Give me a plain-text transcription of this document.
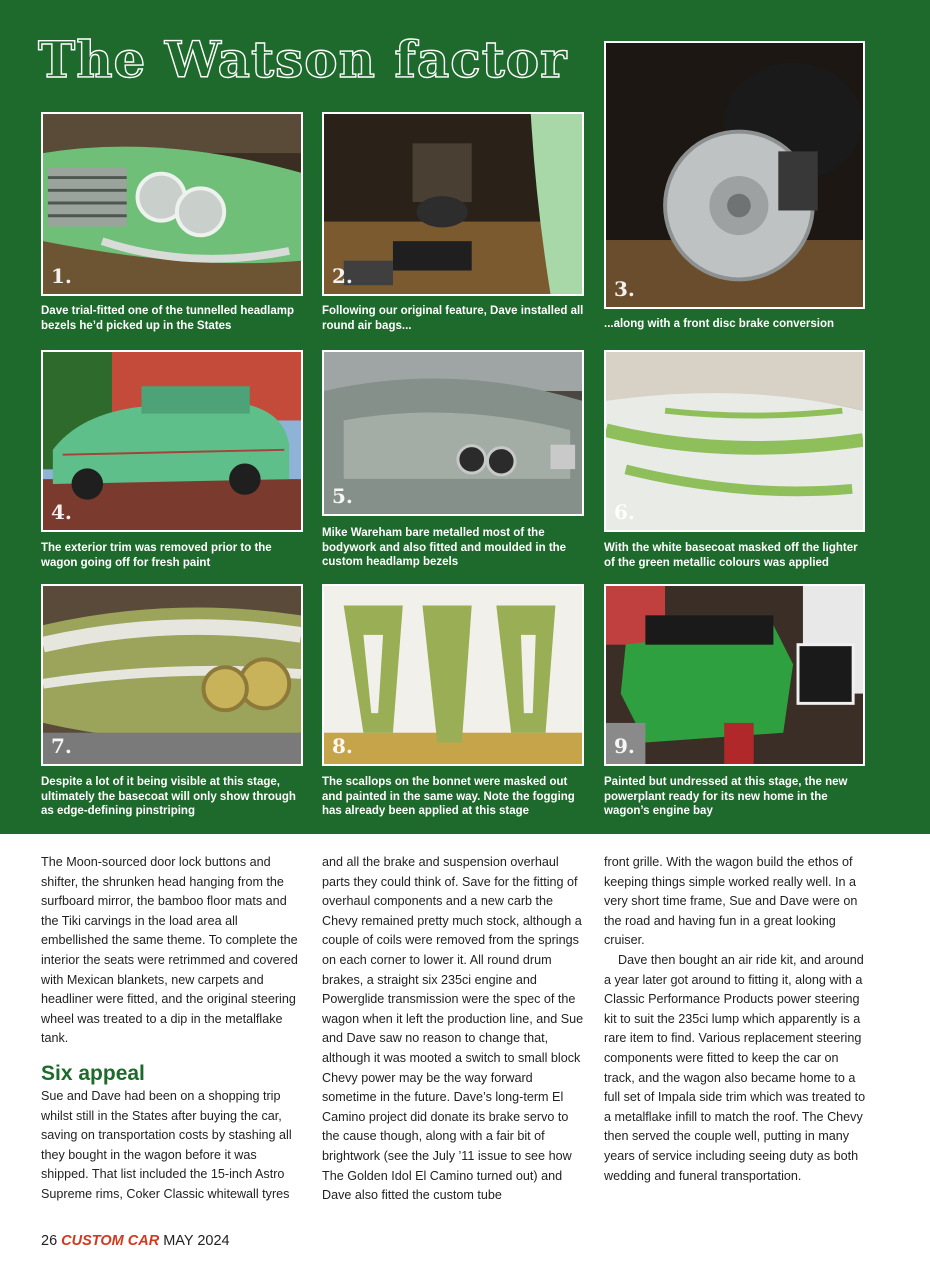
The Watson factor
1.
Dave trial-fitted one of the tunnelled headlamp bezels he’d picked up in the States
2.
Following our original feature, Dave installed all round air bags...
3.
...along with a front disc brake conversion
4.
The exterior trim was removed prior to the wagon going off for fresh paint
5.
Mike Wareham bare metalled most of the bodywork and also fitted and moulded in the custom headlamp bezels
6.
With the white basecoat masked off the lighter of the green metallic colours was applied
7.
Despite a lot of it being visible at this stage, ultimately the basecoat will only show through as edge-defining pinstriping
8.
The scallops on the bonnet were masked out and painted in the same way. Note the fogging has already been applied at this stage
9.
Painted but undressed at this stage, the new powerplant ready for its new home in the wagon’s engine bay

The Moon-sourced door lock buttons and shifter, the shrunken head hanging from the surfboard mirror, the bamboo floor mats and the Tiki carvings in the load area all embellished the same theme. To complete the interior the seats were retrimmed and covered with Mexican blankets, new carpets and headliner were fitted, and the original steering wheel was treated to a dip in the metalflake tank.

Six appeal

Sue and Dave had been on a shopping trip whilst still in the States after buying the car, saving on transportation costs by stashing all they bought in the wagon before it was shipped. That list included the 15-inch Astro Supreme rims, Coker Classic whitewall tyres

and all the brake and suspension overhaul parts they could think of. Save for the fitting of overhaul components and a new carb the Chevy remained pretty much stock, although a couple of coils were removed from the springs on each corner to lower it. All round drum brakes, a straight six 235ci engine and Powerglide transmission were the spec of the wagon when it left the production line, and Sue and Dave saw no reason to change that, although it was mooted a switch to small block Chevy power may be the way forward sometime in the future. Dave’s long-term El Camino project did donate its brake servo to the cause though, along with a fair bit of brightwork (see the July ’11 issue to see how The Golden Idol El Camino turned out) and Dave also fitted the custom tube

front grille. With the wagon build the ethos of keeping things simple worked really well. In a very short time frame, Sue and Dave were on the road and having fun in a great looking cruiser.

Dave then bought an air ride kit, and around a year later got around to fitting it, along with a Classic Performance Products power steering kit to suit the 235ci lump which apparently is a rare item to find. Various replacement steering components were fitted to keep the car on track, and the wagon also became home to a full set of Impala side trim which was treated to a metalflake infill to match the roof. The Chevy then served the couple well, putting in many years of service including seeing duty as both wedding and funeral transportation.

26 CUSTOM CAR MAY 2024
